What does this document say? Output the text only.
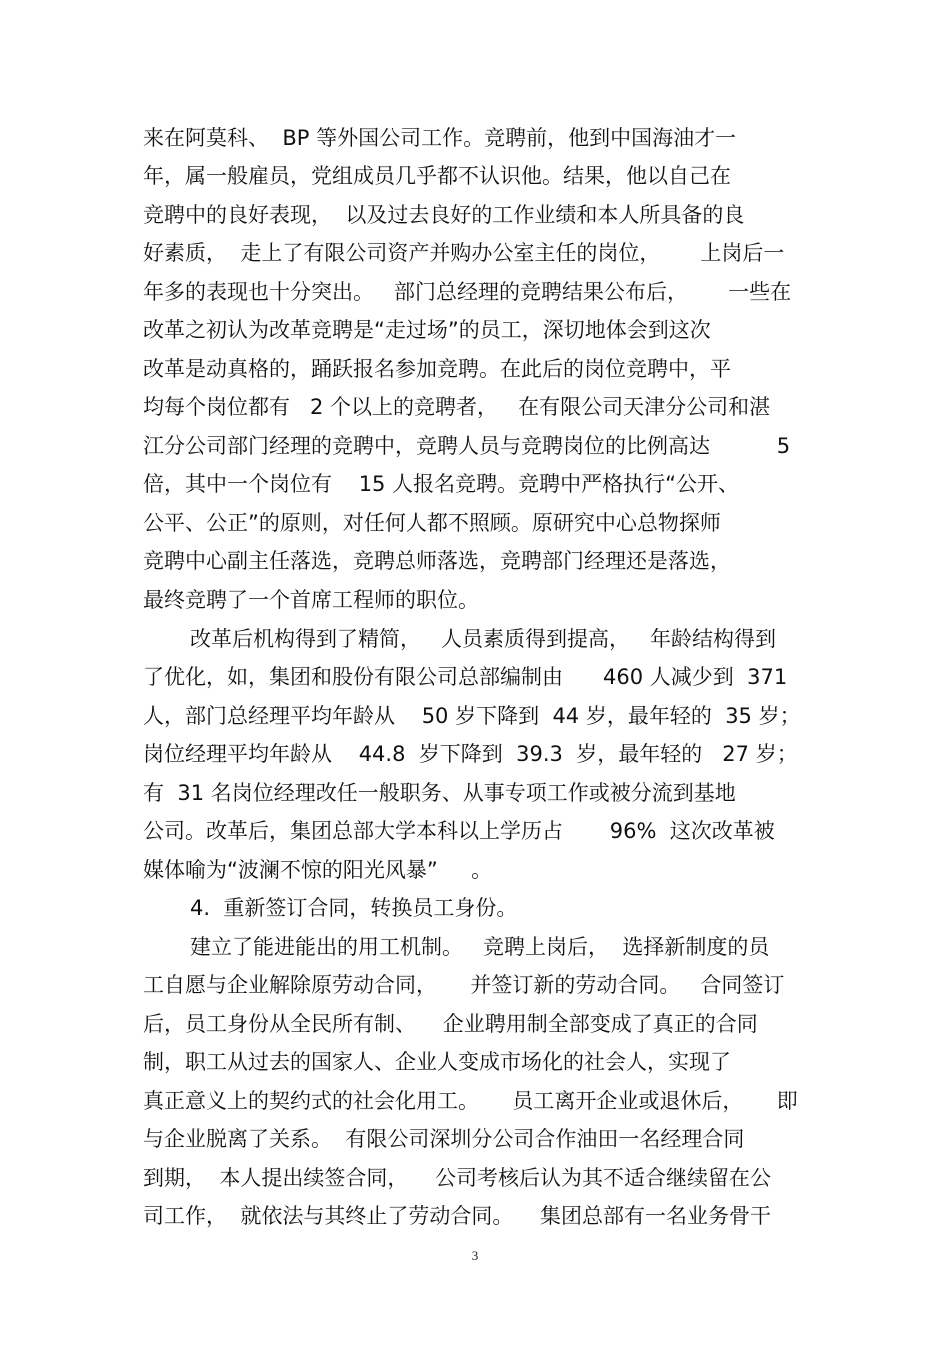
来在阿莫科、  BP 等外国公司工作。竞聘前，他到中国海油才一
年，属一般雇员，党组成员几乎都不认识他。结果，他以自己在
竞聘中的良好表现，  以及过去良好的工作业绩和本人所具备的良
好素质，  走上了有限公司资产并购办公室主任的岗位，      上岗后一
年多的表现也十分突出。   部门总经理的竞聘结果公布后，      一些在
改革之初认为改革竞聘是“走过场”的员工，深切地体会到这次
改革是动真格的，踊跃报名参加竞聘。在此后的岗位竞聘中，平
均每个岗位都有   2 个以上的竞聘者，   在有限公司天津分公司和湛
江分公司部门经理的竞聘中，竞聘人员与竞聘岗位的比例高达          5
倍，其中一个岗位有    15 人报名竞聘。竞聘中严格执行“公开、
公平、公正”的原则，对任何人都不照顾。原研究中心总物探师
竞聘中心副主任落选，竞聘总师落选，竞聘部门经理还是落选，
最终竞聘了一个首席工程师的职位。
改革后机构得到了精简，   人员素质得到提高，   年龄结构得到
了优化，如，集团和股份有限公司总部编制由      460 人减少到  371
人，部门总经理平均年龄从    50 岁下降到  44 岁，最年轻的  35 岁；
岗位经理平均年龄从    44.8  岁下降到  39.3  岁，最年轻的   27 岁；
有  31 名岗位经理改任一般职务、从事专项工作或被分流到基地
公司。改革后，集团总部大学本科以上学历占       96%  这次改革被
媒体喻为“波澜不惊的阳光风暴”     。
4.  重新签订合同，转换员工身份。
建立了能进能出的用工机制。   竞聘上岗后，  选择新制度的员
工自愿与企业解除原劳动合同，     并签订新的劳动合同。   合同签订
后，员工身份从全民所有制、    企业聘用制全部变成了真正的合同
制，职工从过去的国家人、企业人变成市场化的社会人，实现了
真正意义上的契约式的社会化用工。     员工离开企业或退休后，     即
与企业脱离了关系。  有限公司深圳分公司合作油田一名经理合同
到期，  本人提出续签合同，    公司考核后认为其不适合继续留在公
司工作，  就依法与其终止了劳动合同。    集团总部有一名业务骨干
3
